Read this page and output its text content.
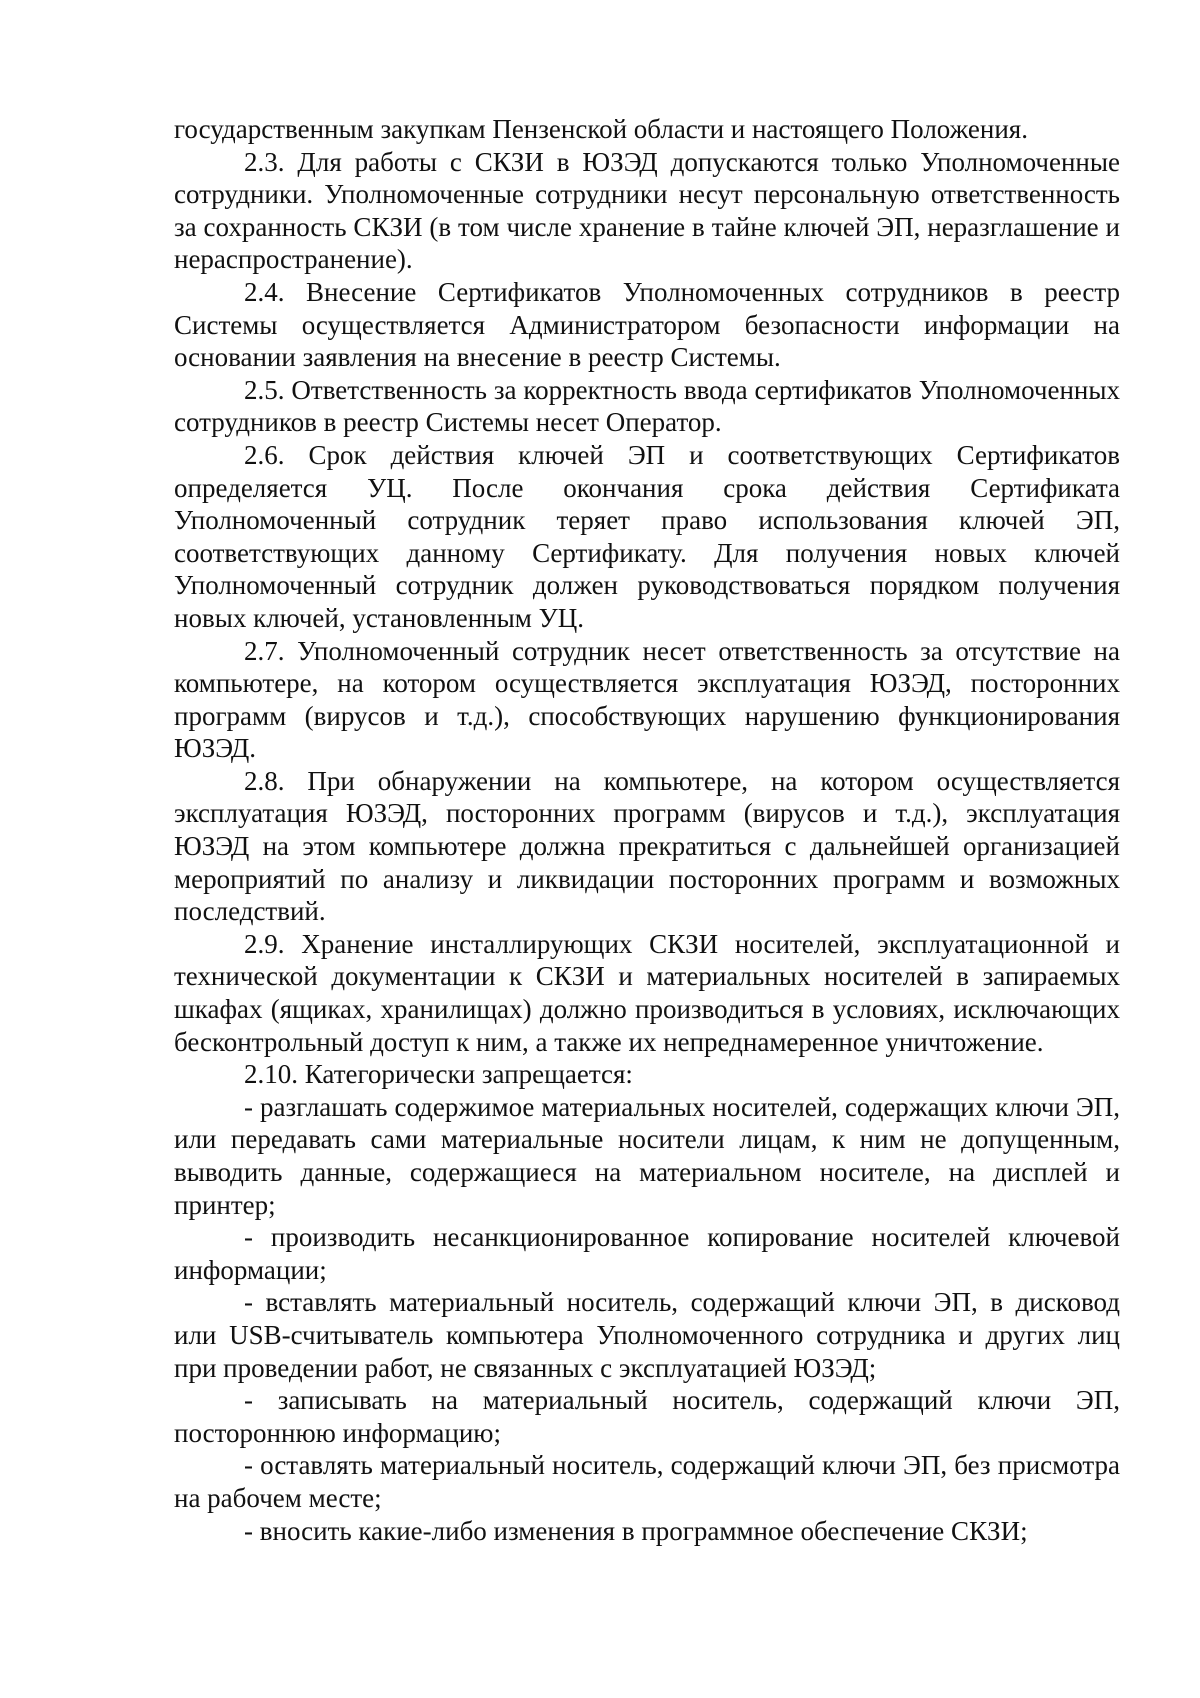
государственным закупкам Пензенской области и настоящего Положения.

2.3. Для работы с СКЗИ в ЮЗЭД допускаются только Уполномоченные сотрудники. Уполномоченные сотрудники несут персональную ответственность за сохранность СКЗИ (в том числе хранение в тайне ключей ЭП, неразглашение и нераспространение).

2.4. Внесение Сертификатов Уполномоченных сотрудников в реестр Системы осуществляется Администратором безопасности информации на основании заявления на внесение в реестр Системы.

2.5. Ответственность за корректность ввода сертификатов Уполномоченных сотрудников в реестр Системы несет Оператор.

2.6. Срок действия ключей ЭП и соответствующих Сертификатов определяется УЦ. После окончания срока действия Сертификата Уполномоченный сотрудник теряет право использования ключей ЭП, соответствующих данному Сертификату. Для получения новых ключей Уполномоченный сотрудник должен руководствоваться порядком получения новых ключей, установленным УЦ.

2.7. Уполномоченный сотрудник несет ответственность за отсутствие на компьютере, на котором осуществляется эксплуатация ЮЗЭД, посторонних программ (вирусов и т.д.), способствующих нарушению функционирования ЮЗЭД.

2.8. При обнаружении на компьютере, на котором осуществляется эксплуатация ЮЗЭД, посторонних программ (вирусов и т.д.), эксплуатация ЮЗЭД на этом компьютере должна прекратиться с дальнейшей организацией мероприятий по анализу и ликвидации посторонних программ и возможных последствий.

2.9. Хранение инсталлирующих СКЗИ носителей, эксплуатационной и технической документации к СКЗИ и материальных носителей в запираемых шкафах (ящиках, хранилищах) должно производиться в условиях, исключающих бесконтрольный доступ к ним, а также их непреднамеренное уничтожение.

2.10. Категорически запрещается:

- разглашать содержимое материальных носителей, содержащих ключи ЭП, или передавать сами материальные носители лицам, к ним не допущенным, выводить данные, содержащиеся на материальном носителе, на дисплей и принтер;

- производить несанкционированное копирование носителей ключевой информации;

- вставлять материальный носитель, содержащий ключи ЭП, в дисковод или USB-считыватель компьютера Уполномоченного сотрудника и других лиц при проведении работ, не связанных с эксплуатацией ЮЗЭД;

- записывать на материальный носитель, содержащий ключи ЭП, постороннюю информацию;

- оставлять материальный носитель, содержащий ключи ЭП, без присмотра на рабочем месте;

- вносить какие-либо изменения в программное обеспечение СКЗИ;
